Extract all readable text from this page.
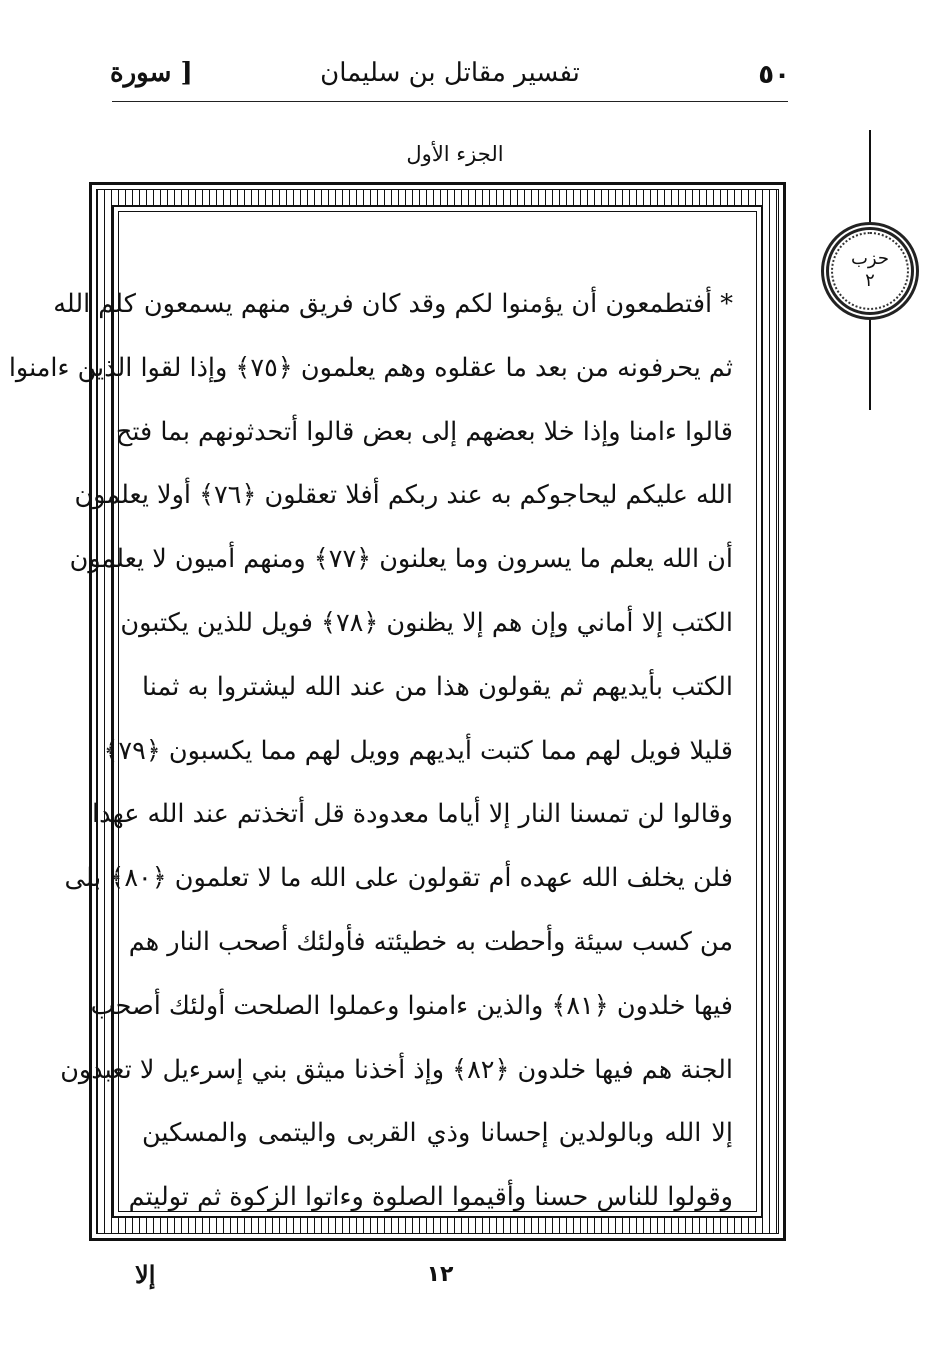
٥٠
تفسير مقاتل بن سليمان
[ سورة
الجزء الأول
حزب
٢
* أفتطمعون أن يؤمنوا لكم وقد كان فريق منهم يسمعون كلم الله
ثم يحرفونه من بعد ما عقلوه وهم يعلمون ﴿٧٥﴾ وإذا لقوا الذين ءامنوا
قالوا ءامنا وإذا خلا بعضهم إلى بعض قالوا أتحدثونهم بما فتح
الله عليكم ليحاجوكم به عند ربكم أفلا تعقلون ﴿٧٦﴾ أولا يعلمون
أن الله يعلم ما يسرون وما يعلنون ﴿٧٧﴾ ومنهم أميون لا يعلمون
الكتب إلا أماني وإن هم إلا يظنون ﴿٧٨﴾ فويل للذين يكتبون
الكتب بأيديهم ثم يقولون هذا من عند الله ليشتروا به ثمنا
قليلا فويل لهم مما كتبت أيديهم وويل لهم مما يكسبون ﴿٧٩﴾
وقالوا لن تمسنا النار إلا أياما معدودة قل أتخذتم عند الله عهدا
فلن يخلف الله عهده أم تقولون على الله ما لا تعلمون ﴿٨٠﴾ بلى
من كسب سيئة وأحطت به خطيئته فأولئك أصحب النار هم
فيها خلدون ﴿٨١﴾ والذين ءامنوا وعملوا الصلحت أولئك أصحب
الجنة هم فيها خلدون ﴿٨٢﴾ وإذ أخذنا ميثق بني إسرءيل لا تعبدون
إلا الله وبالولدين إحسانا وذي القربى واليتمى والمسكين
وقولوا للناس حسنا وأقيموا الصلوة وءاتوا الزكوة ثم توليتم
١٢
إلا
